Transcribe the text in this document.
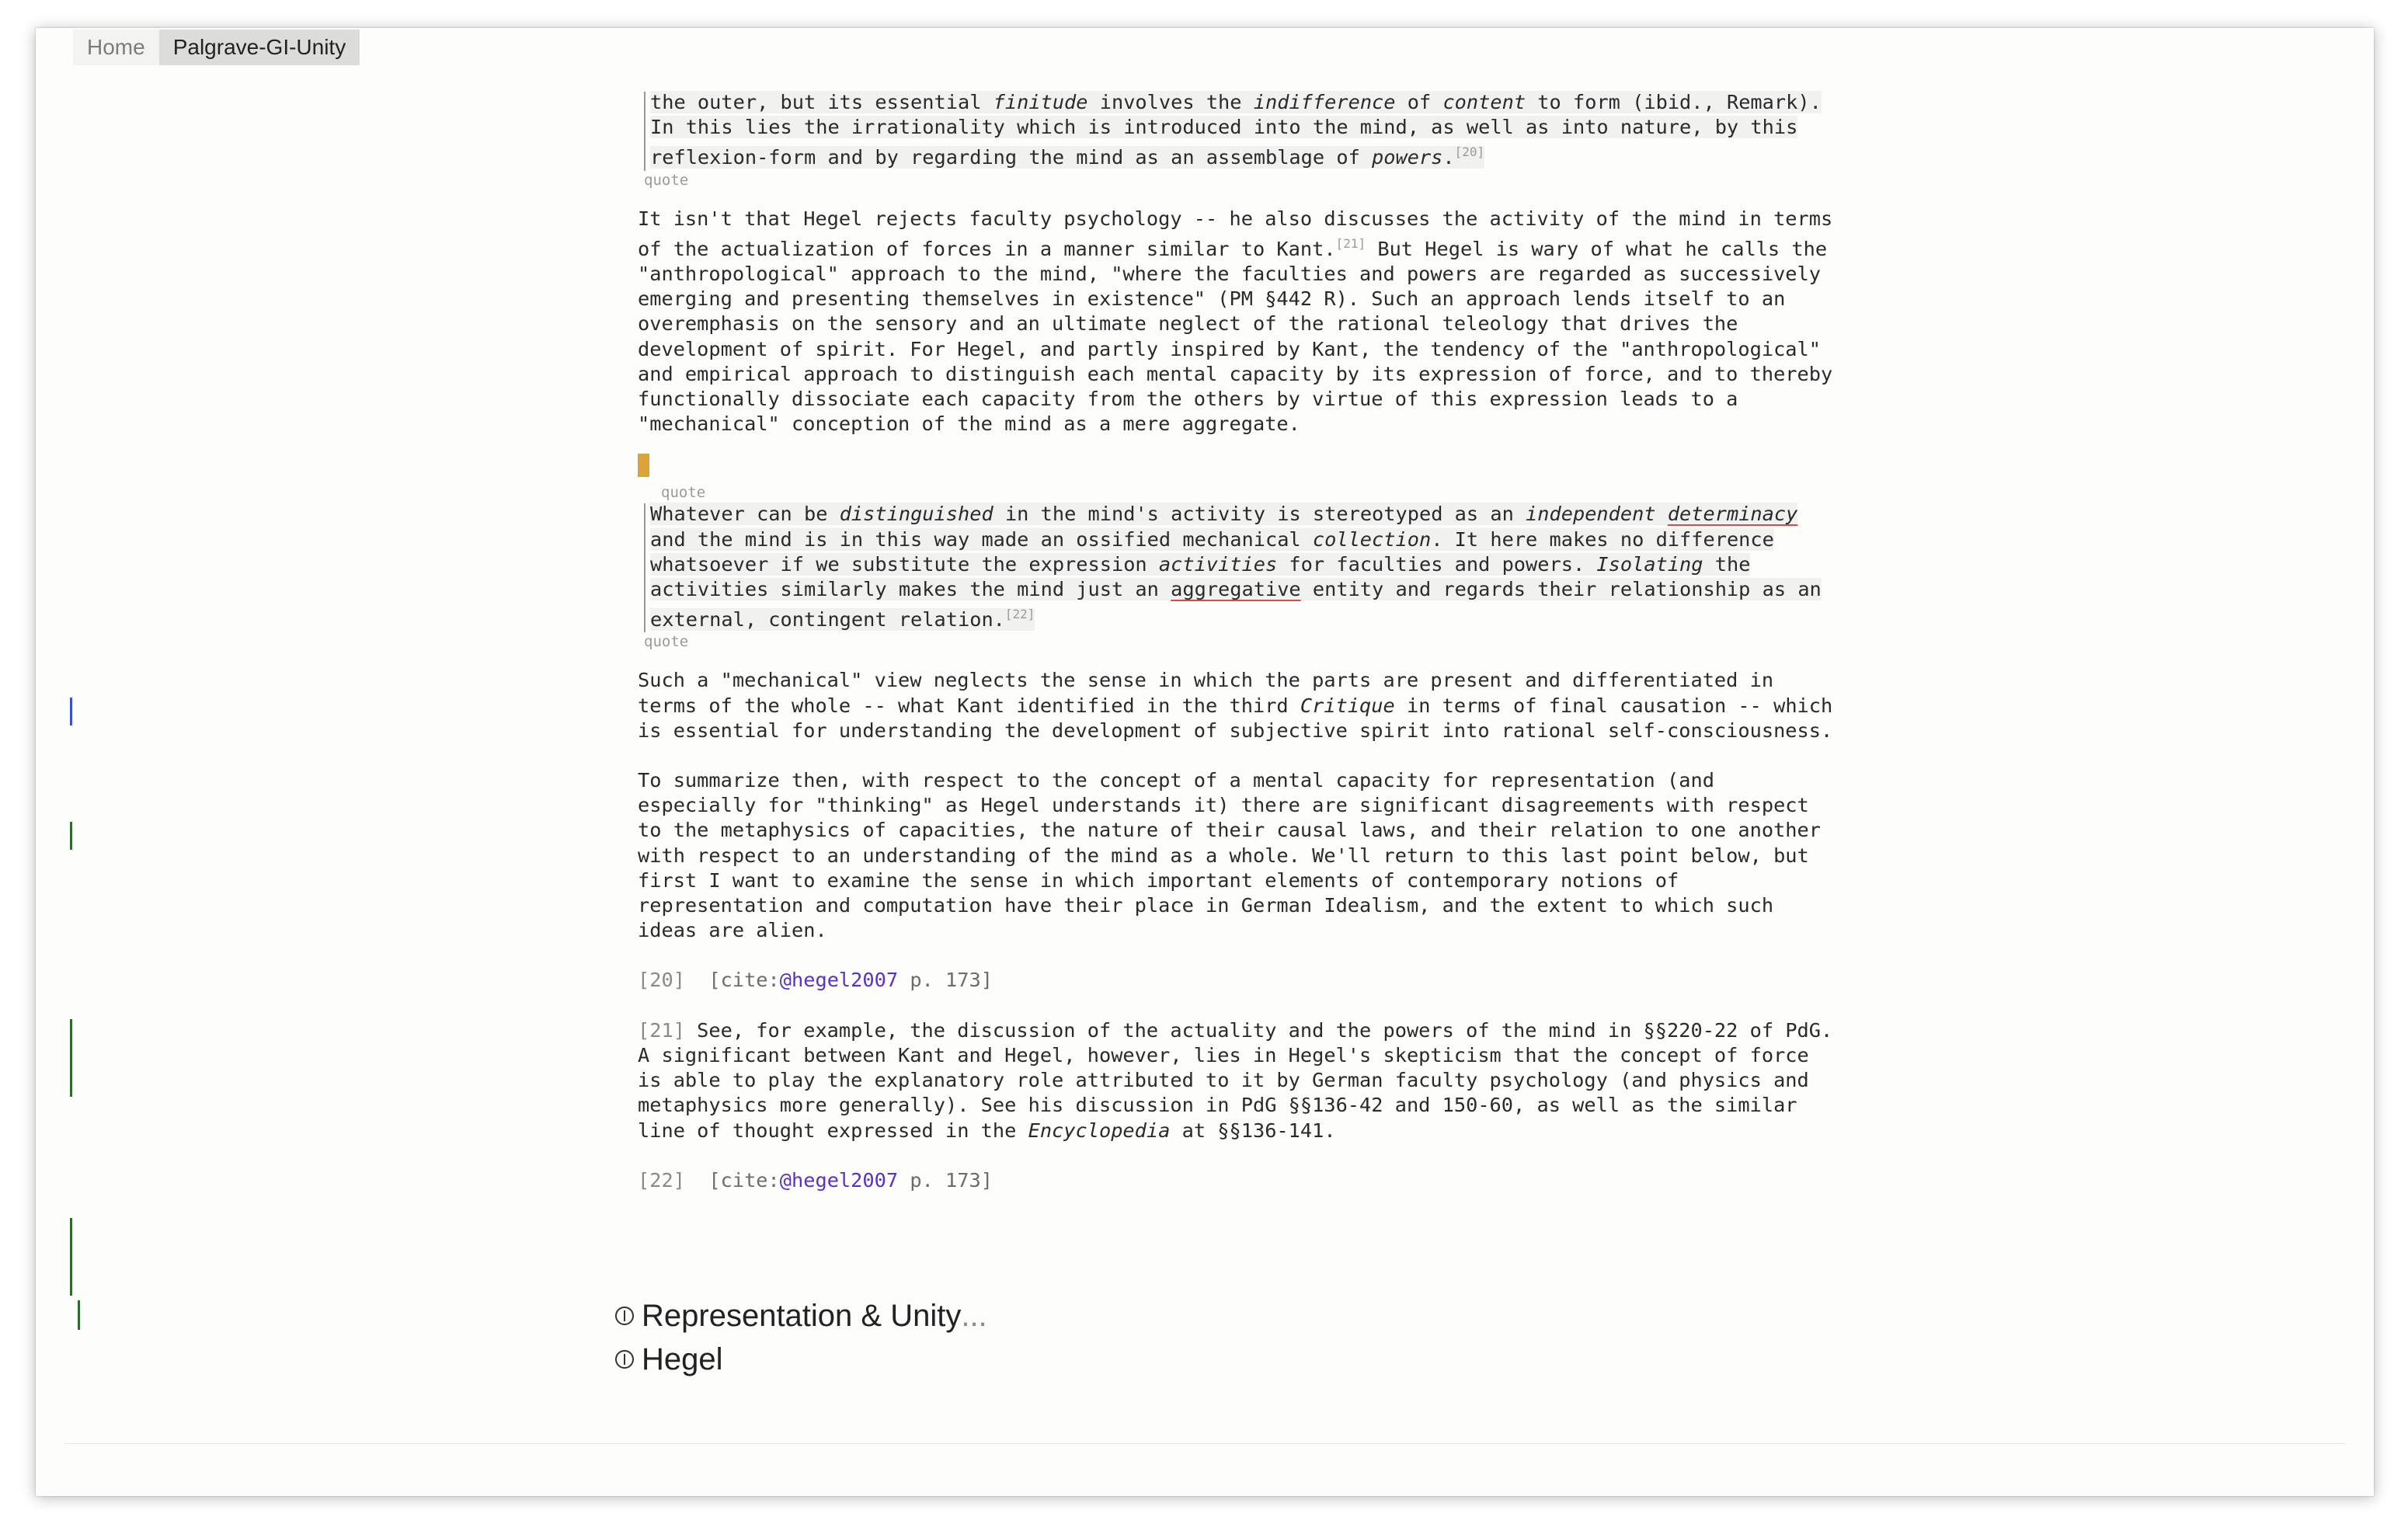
Home	Palgrave-GI-Unity
the outer, but its essential finitude involves the indifference of content to form (ibid., Remark). In this lies the irrationality which is introduced into the mind, as well as into nature, by this reflexion-form and by regarding the mind as an assemblage of powers.[20]
quote

It isn't that Hegel rejects faculty psychology -- he also discusses the activity of the mind in terms of the actualization of forces in a manner similar to Kant.[21] But Hegel is wary of what he calls the "anthropological" approach to the mind, "where the faculties and powers are regarded as successively emerging and presenting themselves in existence" (PM §442 R). Such an approach lends itself to an overemphasis on the sensory and an ultimate neglect of the rational teleology that drives the development of spirit. For Hegel, and partly inspired by Kant, the tendency of the "anthropological" and empirical approach to distinguish each mental capacity by its expression of force, and to thereby functionally dissociate each capacity from the others by virtue of this expression leads to a "mechanical" conception of the mind as a mere aggregate.

quote
Whatever can be distinguished in the mind's activity is stereotyped as an independent determinacy and the mind is in this way made an ossified mechanical collection. It here makes no difference whatsoever if we substitute the expression activities for faculties and powers. Isolating the activities similarly makes the mind just an aggregative entity and regards their relationship as an external, contingent relation.[22]
quote

Such a "mechanical" view neglects the sense in which the parts are present and differentiated in terms of the whole -- what Kant identified in the third Critique in terms of final causation -- which is essential for understanding the development of subjective spirit into rational self-consciousness.

To summarize then, with respect to the concept of a mental capacity for representation (and especially for "thinking" as Hegel understands it) there are significant disagreements with respect to the metaphysics of capacities, the nature of their causal laws, and their relation to one another with respect to an understanding of the mind as a whole. We'll return to this last point below, but first I want to examine the sense in which important elements of contemporary notions of representation and computation have their place in German Idealism, and the extent to which such ideas are alien.

[20] [cite:@hegel2007 p. 173]

[21] See, for example, the discussion of the actuality and the powers of the mind in §§220-22 of PdG. A significant between Kant and Hegel, however, lies in Hegel's skepticism that the concept of force is able to play the explanatory role attributed to it by German faculty psychology (and physics and metaphysics more generally). See his discussion in PdG §§136-42 and 150-60, as well as the similar line of thought expressed in the Encyclopedia at §§136-141.

[22] [cite:@hegel2007 p. 173]

Representation & Unity ...
Hegel
